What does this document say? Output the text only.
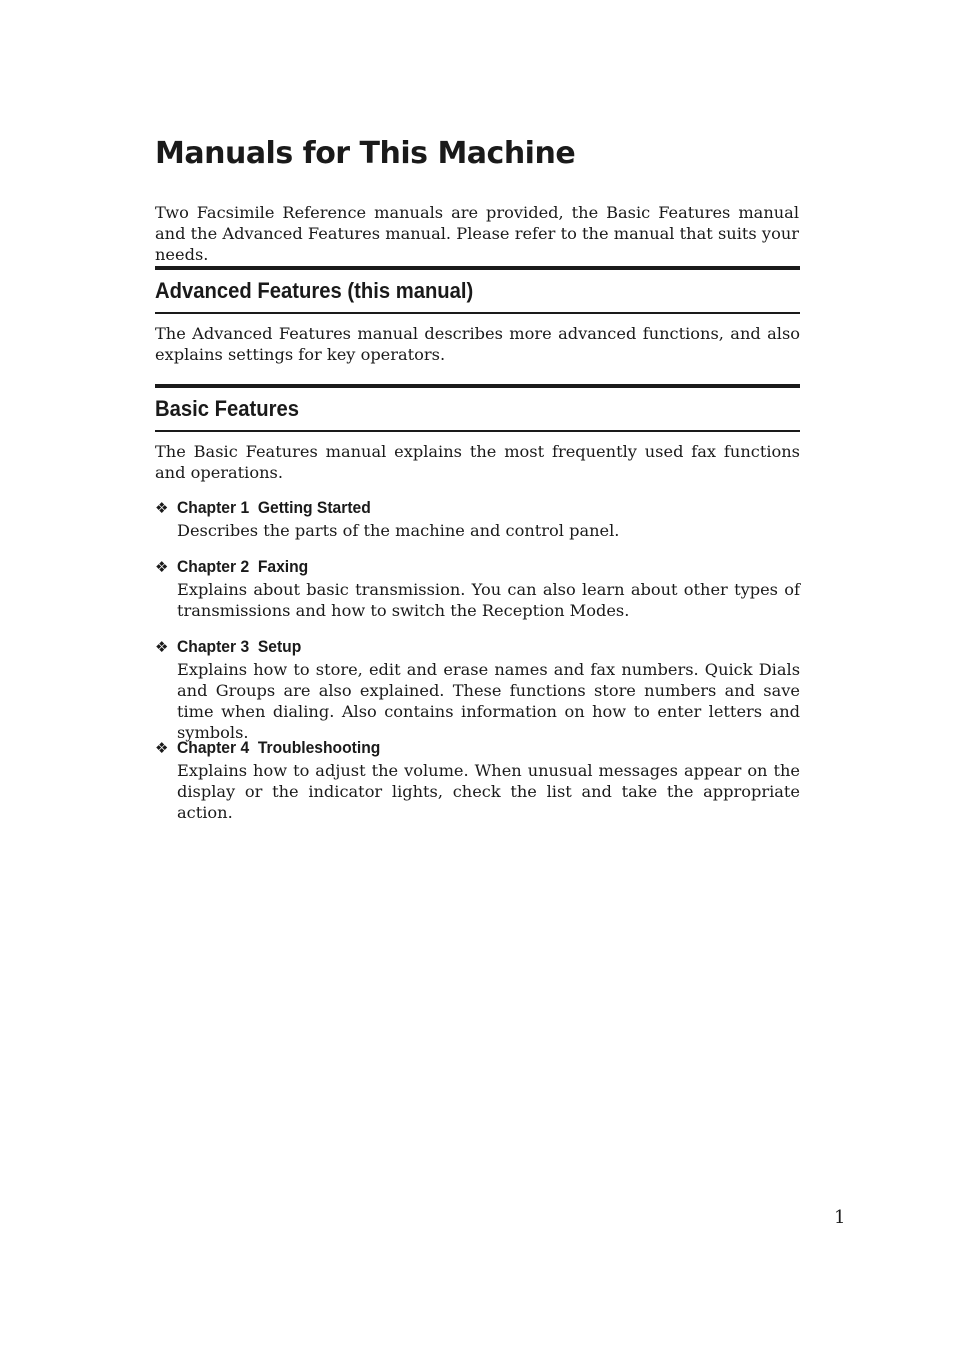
Manuals for This Machine

Two Facsimile Reference manuals are provided, the Basic Features manual and the Advanced Features manual. Please refer to the manual that suits your needs.

Advanced Features (this manual)

The Advanced Features manual describes more advanced functions, and also explains settings for key operators.

Basic Features

The Basic Features manual explains the most frequently used fax functions and operations.

❖ Chapter 1  Getting Started

Describes the parts of the machine and control panel.

❖ Chapter 2  Faxing

Explains about basic transmission. You can also learn about other types of transmissions and how to switch the Reception Modes.

❖ Chapter 3  Setup

Explains how to store, edit and erase names and fax numbers. Quick Dials and Groups are also explained. These functions store numbers and save time when dialing. Also contains information on how to enter letters and symbols.

❖ Chapter 4  Troubleshooting

Explains how to adjust the volume. When unusual messages appear on the display or the indicator lights, check the list and take the appropriate action.

1
